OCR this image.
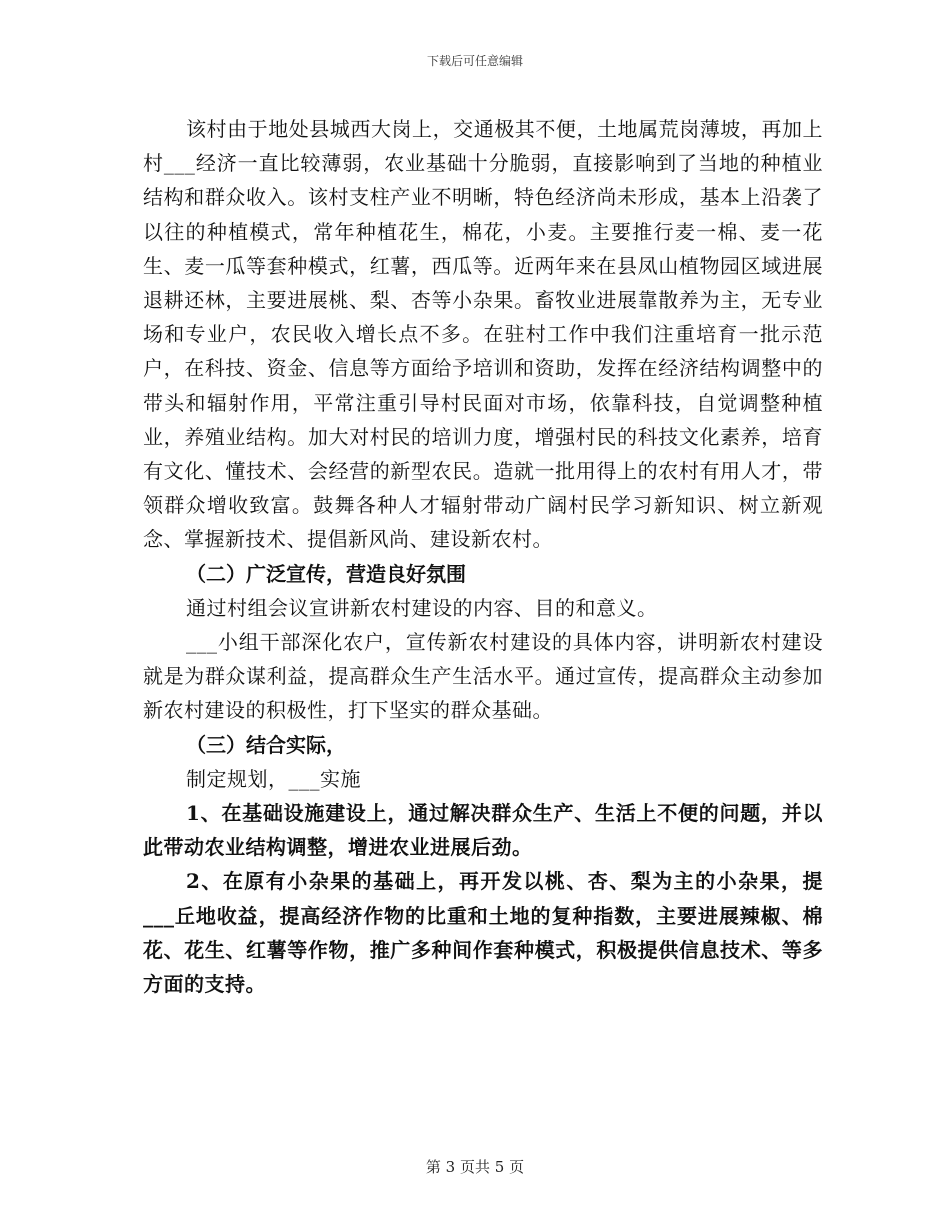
下载后可任意编辑

该村由于地处县城西大岗上，交通极其不便，土地属荒岗薄坡，再加上村___经济一直比较薄弱，农业基础十分脆弱，直接影响到了当地的种植业结构和群众收入。该村支柱产业不明晰，特色经济尚未形成，基本上沿袭了以往的种植模式，常年种植花生，棉花，小麦。主要推行麦一棉、麦一花生、麦一瓜等套种模式，红薯，西瓜等。近两年来在县凤山植物园区域进展退耕还林，主要进展桃、梨、杏等小杂果。畜牧业进展靠散养为主，无专业场和专业户，农民收入增长点不多。在驻村工作中我们注重培育一批示范户，在科技、资金、信息等方面给予培训和资助，发挥在经济结构调整中的带头和辐射作用，平常注重引导村民面对市场，依靠科技，自觉调整种植业，养殖业结构。加大对村民的培训力度，增强村民的科技文化素养，培育有文化、懂技术、会经营的新型农民。造就一批用得上的农村有用人才，带领群众增收致富。鼓舞各种人才辐射带动广阔村民学习新知识、树立新观念、掌握新技术、提倡新风尚、建设新农村。

（二）广泛宣传，营造良好氛围

通过村组会议宣讲新农村建设的内容、目的和意义。

___小组干部深化农户，宣传新农村建设的具体内容，讲明新农村建设就是为群众谋利益，提高群众生产生活水平。通过宣传，提高群众主动参加新农村建设的积极性，打下坚实的群众基础。

（三）结合实际，

制定规划，___实施

1、在基础设施建设上，通过解决群众生产、生活上不便的问题，并以此带动农业结构调整，增进农业进展后劲。

2、在原有小杂果的基础上，再开发以桃、杏、梨为主的小杂果，提___丘地收益，提高经济作物的比重和土地的复种指数，主要进展辣椒、棉花、花生、红薯等作物，推广多种间作套种模式，积极提供信息技术、等多方面的支持。

第 3 页共 5 页
